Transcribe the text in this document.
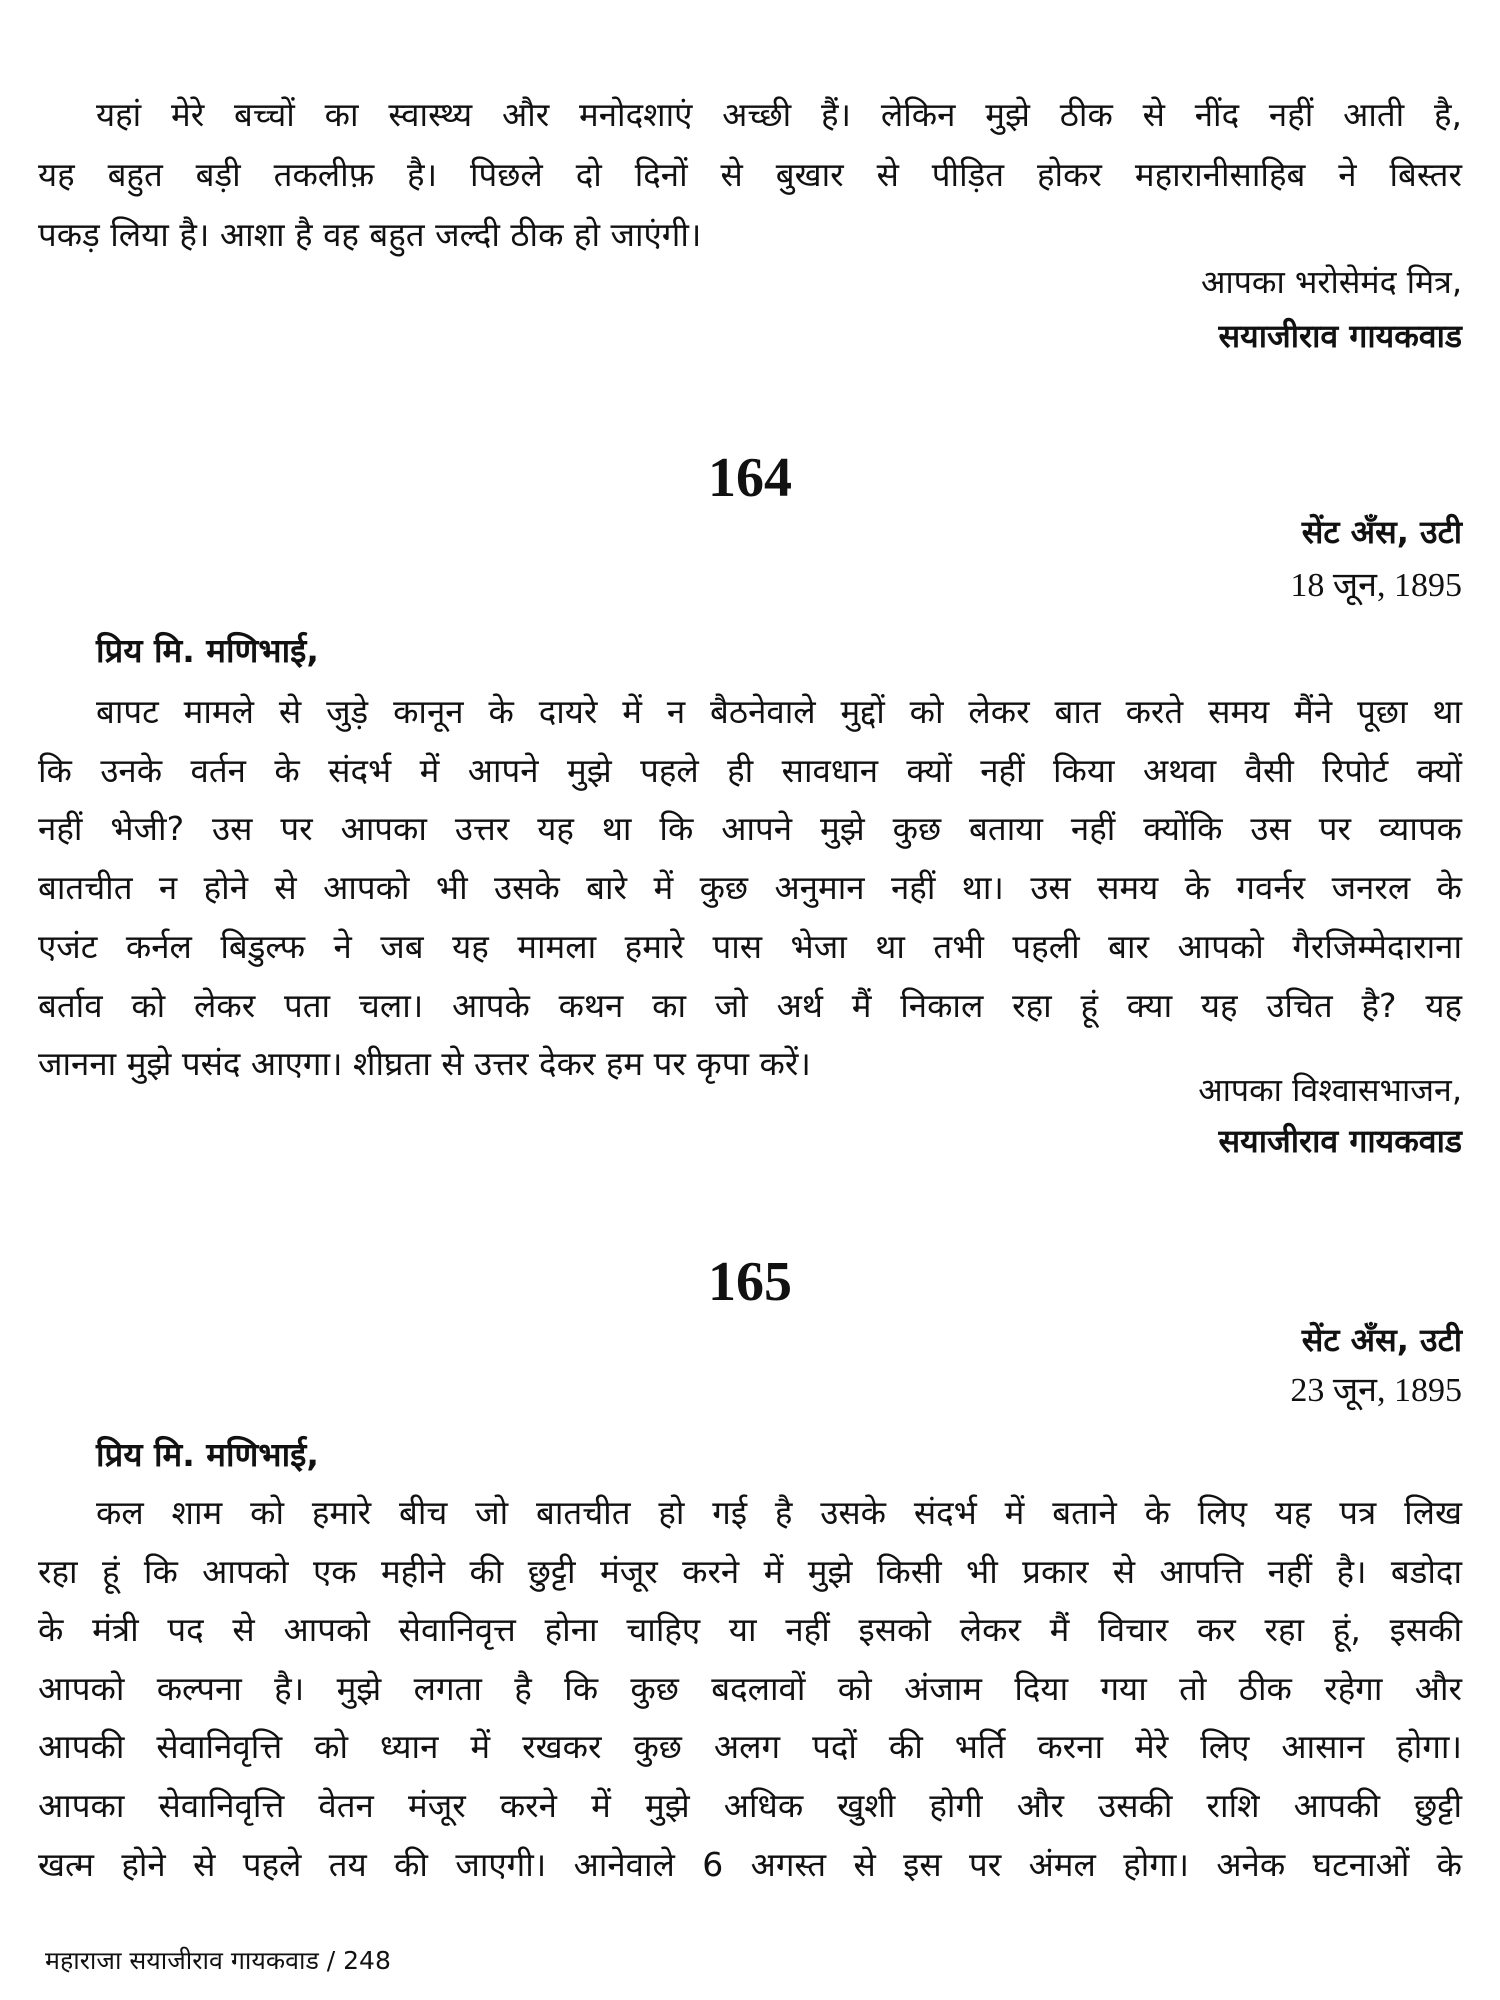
यहां मेरे बच्चों का स्वास्थ्य और मनोदशाएं अच्छी हैं। लेकिन मुझे ठीक से नींद नहीं आती है,
यह बहुत बड़ी तकलीफ़ है। पिछले दो दिनों से बुखार से पीड़ित होकर महारानीसाहिब ने बिस्तर
पकड़ लिया है। आशा है वह बहुत जल्दी ठीक हो जाएंगी।
आपका भरोसेमंद मित्र,
सयाजीराव गायकवाड
164
सेंट अँस, उटी
18 जून, 1895
प्रिय मि. मणिभाई,
बापट मामले से जुड़े कानून के दायरे में न बैठनेवाले मुद्दों को लेकर बात करते समय मैंने पूछा था
कि उनके वर्तन के संदर्भ में आपने मुझे पहले ही सावधान क्यों नहीं किया अथवा वैसी रिपोर्ट क्यों
नहीं भेजी? उस पर आपका उत्तर यह था कि आपने मुझे कुछ बताया नहीं क्योंकि उस पर व्यापक
बातचीत न होने से आपको भी उसके बारे में कुछ अनुमान नहीं था। उस समय के गवर्नर जनरल के
एजंट कर्नल बिडुल्फ ने जब यह मामला हमारे पास भेजा था तभी पहली बार आपको गैरजिम्मेदाराना
बर्ताव को लेकर पता चला। आपके कथन का जो अर्थ मैं निकाल रहा हूं क्या यह उचित है? यह
जानना मुझे पसंद आएगा। शीघ्रता से उत्तर देकर हम पर कृपा करें।
आपका विश्वासभाजन,
सयाजीराव गायकवाड
165
सेंट अँस, उटी
23 जून, 1895
प्रिय मि. मणिभाई,
कल शाम को हमारे बीच जो बातचीत हो गई है उसके संदर्भ में बताने के लिए यह पत्र लिख
रहा हूं कि आपको एक महीने की छुट्टी मंजूर करने में मुझे किसी भी प्रकार से आपत्ति नहीं है। बडोदा
के मंत्री पद से आपको सेवानिवृत्त होना चाहिए या नहीं इसको लेकर मैं विचार कर रहा हूं, इसकी
आपको कल्पना है। मुझे लगता है कि कुछ बदलावों को अंजाम दिया गया तो ठीक रहेगा और
आपकी सेवानिवृत्ति को ध्यान में रखकर कुछ अलग पदों की भर्ति करना मेरे लिए आसान होगा।
आपका सेवानिवृत्ति वेतन मंजूर करने में मुझे अधिक खुशी होगी और उसकी राशि आपकी छुट्टी
खत्म होने से पहले तय की जाएगी। आनेवाले 6 अगस्त से इस पर अंमल होगा। अनेक घटनाओं के
महाराजा सयाजीराव गायकवाड / 248
